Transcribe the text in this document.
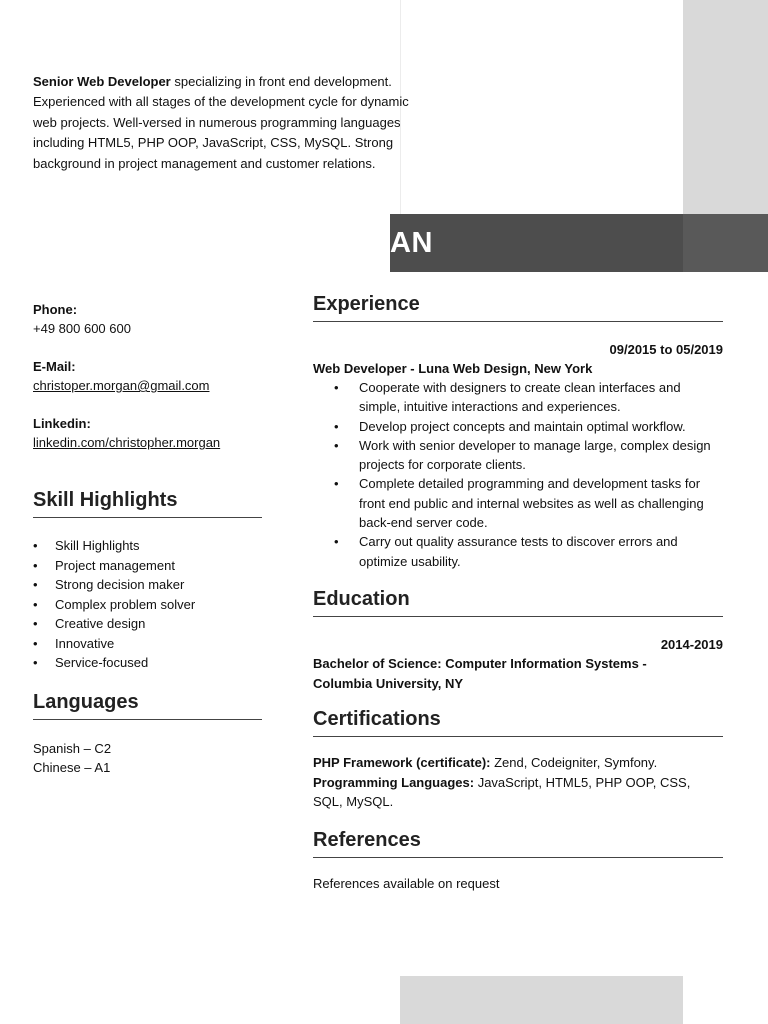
Senior Web Developer specializing in front end development. Experienced with all stages of the development cycle for dynamic web projects. Well-versed in numerous programming languages including HTML5, PHP OOP, JavaScript, CSS, MySQL. Strong background in project management and customer relations.

AN
Phone:
+49 800 600 600
E-Mail:
christoper.morgan@gmail.com
Linkedin:
linkedin.com/christopher.morgan
Skill Highlights
• Skill Highlights
• Project management
• Strong decision maker
• Complex problem solver
• Creative design
• Innovative
• Service-focused
Languages
Spanish – C2
Chinese – A1
Experience
09/2015 to 05/2019
Web Developer - Luna Web Design, New York
• Cooperate with designers to create clean interfaces and simple, intuitive interactions and experiences.
• Develop project concepts and maintain optimal workflow.
• Work with senior developer to manage large, complex design projects for corporate clients.
• Complete detailed programming and development tasks for front end public and internal websites as well as challenging back-end server code.
• Carry out quality assurance tests to discover errors and optimize usability.
Education
2014-2019
Bachelor of Science: Computer Information Systems - Columbia University, NY
Certifications
PHP Framework (certificate): Zend, Codeigniter, Symfony.
Programming Languages: JavaScript, HTML5, PHP OOP, CSS, SQL, MySQL.
References
References available on request
